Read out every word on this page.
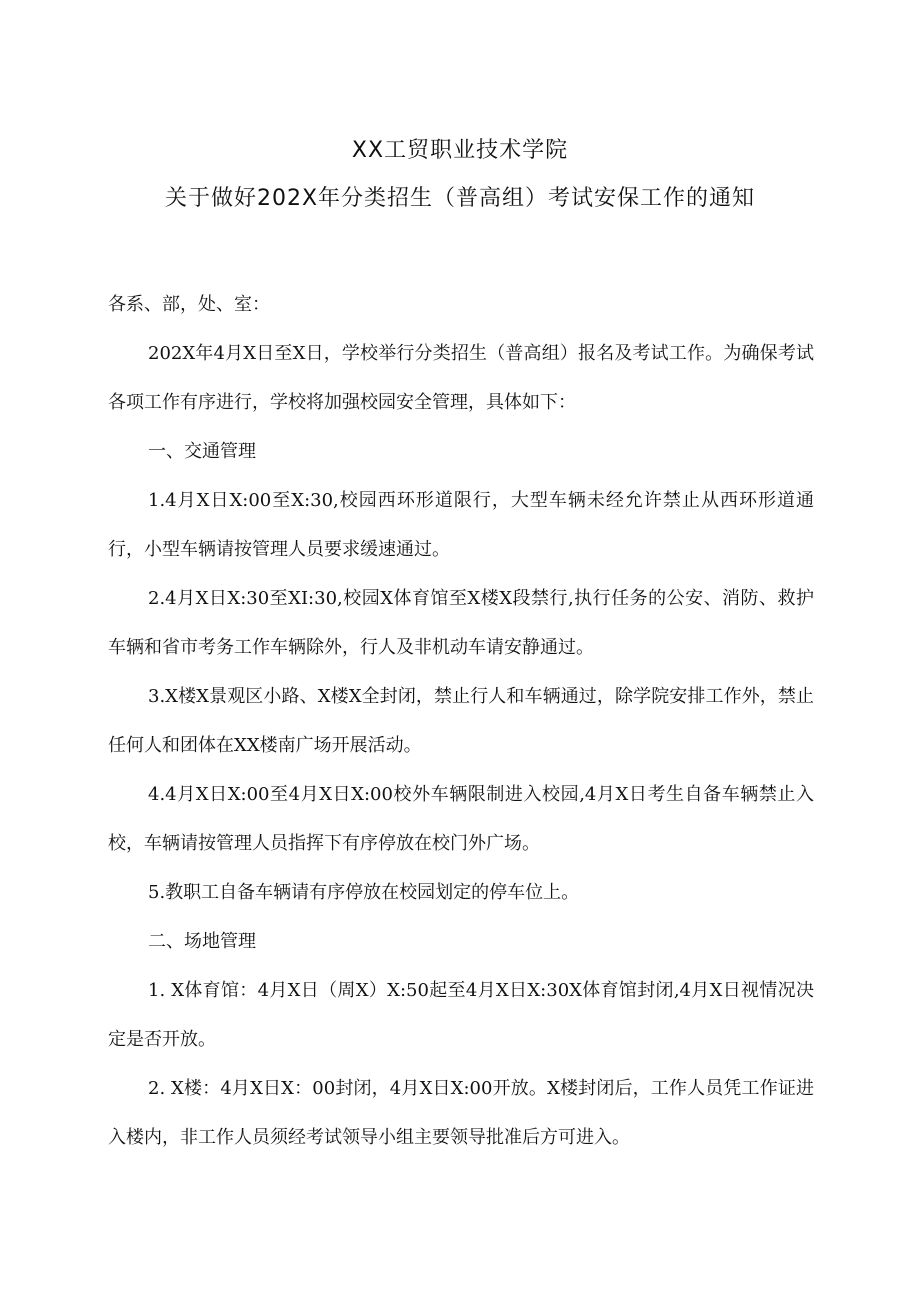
XX工贸职业技术学院
关于做好202X年分类招生（普高组）考试安保工作的通知

各系、部，处、室：

202X年4月X日至X日，学校举行分类招生（普高组）报名及考试工作。为确保考试各项工作有序进行，学校将加强校园安全管理，具体如下：

一、交通管理

1.4月X日X:00至X:30,校园西环形道限行，大型车辆未经允许禁止从西环形道通行，小型车辆请按管理人员要求缓速通过。

2.4月X日X:30至XI:30,校园X体育馆至X楼X段禁行,执行任务的公安、消防、救护车辆和省市考务工作车辆除外，行人及非机动车请安静通过。

3.X楼X景观区小路、X楼X全封闭，禁止行人和车辆通过，除学院安排工作外，禁止任何人和团体在XX楼南广场开展活动。

4.4月X日X:00至4月X日X:00校外车辆限制进入校园,4月X日考生自备车辆禁止入校，车辆请按管理人员指挥下有序停放在校门外广场。

5.教职工自备车辆请有序停放在校园划定的停车位上。

二、场地管理

1. X体育馆：4月X日（周X）X:50起至4月X日X:30X体育馆封闭,4月X日视情况决定是否开放。

2. X楼：4月X日X：00封闭，4月X日X:00开放。X楼封闭后，工作人员凭工作证进入楼内，非工作人员须经考试领导小组主要领导批准后方可进入。
